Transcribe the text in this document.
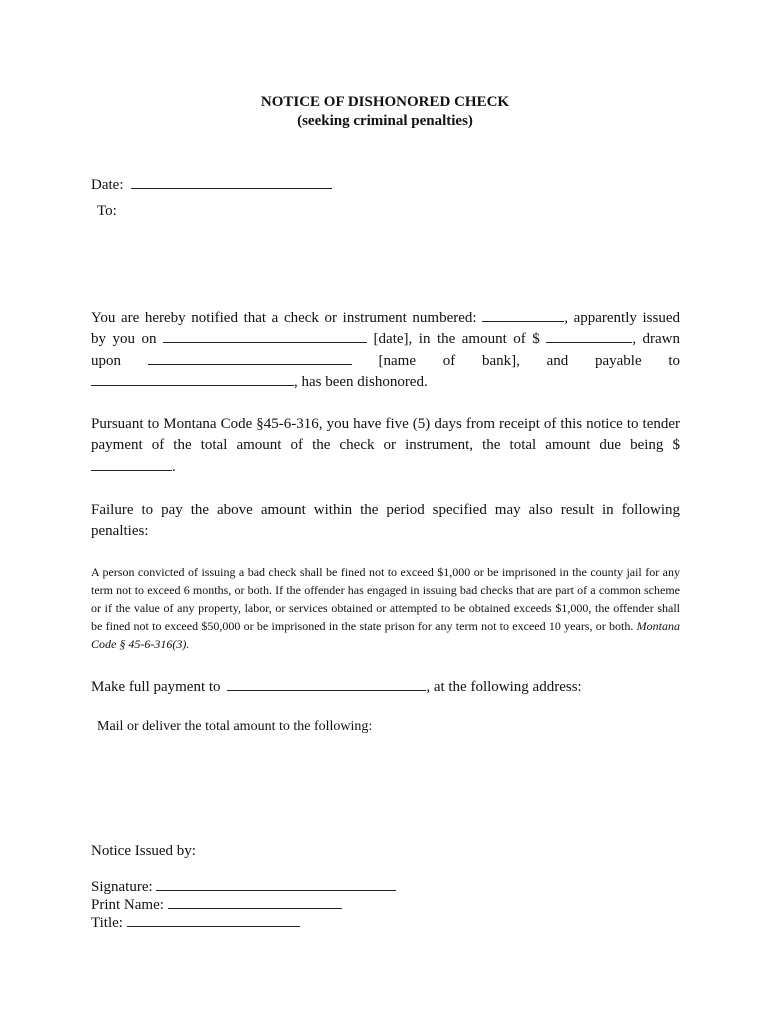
NOTICE OF DISHONORED CHECK

(seeking criminal penalties)

Date:
To:
You are hereby notified that a check or instrument numbered:	, apparently issued
by you on	[date], in the amount of $	, drawn
upon	[name of bank], and payable to
, has been dishonored.
Pursuant to Montana Code §45-6-316, you have five (5) days from receipt of this notice to tender payment of the total amount of the check or instrument, the total amount due being $.
Failure to pay the above amount within the period specified may also result in following penalties:
A person convicted of issuing a bad check shall be fined not to exceed $1,000 or be imprisoned in the county jail for any term not to exceed 6 months, or both. If the offender has engaged in issuing bad checks that are part of a common scheme or if the value of any property, labor, or services obtained or attempted to be obtained exceeds $1,000, the offender shall be fined not to exceed $50,000 or be imprisoned in the state prison for any term not to exceed 10 years, or both. Montana Code § 45-6-316(3).
Make full payment to	, at the following address:
Mail or deliver the total amount to the following:
Notice Issued by:
Signature:
Print Name:
Title:
